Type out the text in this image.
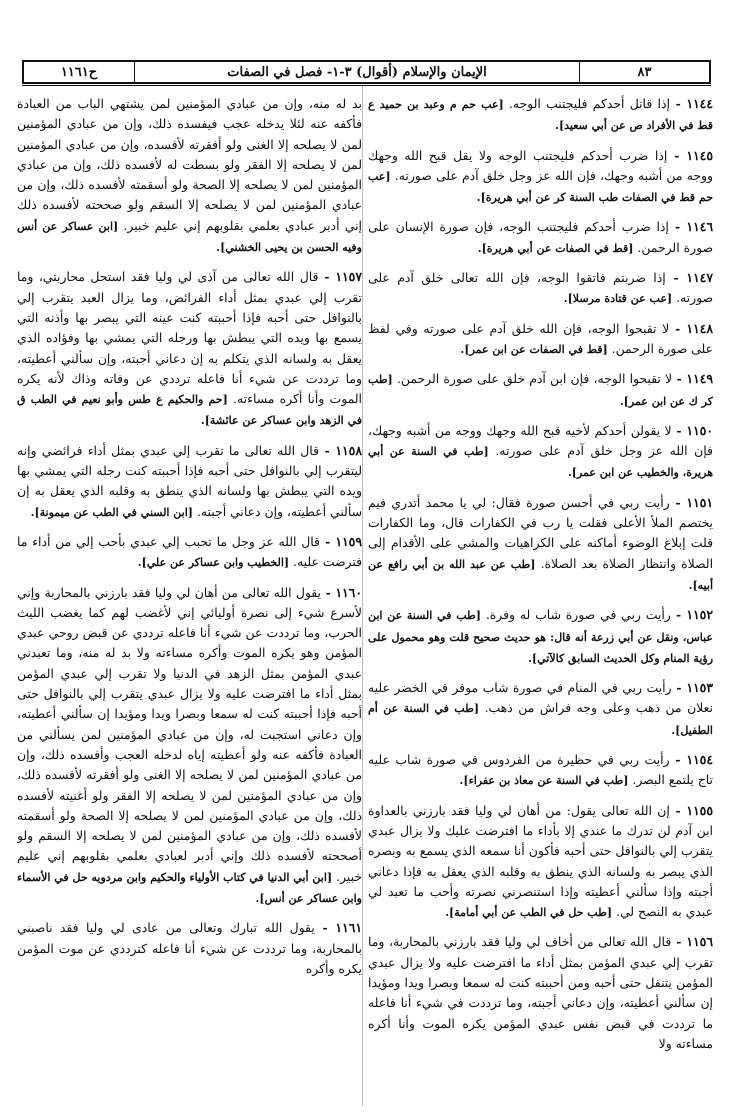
٨٣
الإيمان والإسلام (أقوال) ٣-١- فصل في الصفات
ح١١٦١

١١٤٤ - إذا قاتل أحدكم فليجتنب الوجه. [عب حم م وعبد بن حميد ع قط في الأفراد ص عن أبي سعيد].

١١٤٥ - إذا ضرب أحدكم فليجتنب الوجه ولا يقل قبح الله وجهك ووجه من أشبه وجهك، فإن الله عز وجل خلق آدم على صورته. [عب حم قط في الصفات طب السنة كر عن أبي هريرة].

١١٤٦ - إذا ضرب أحدكم فليجتنب الوجه، فإن صورة الإنسان على صورة الرحمن. [قط في الصفات عن أبي هريرة].

١١٤٧ - إذا ضربتم فاتقوا الوجه، فإن الله تعالى خلق آدم على صورته. [عب عن قتادة مرسلا].

١١٤٨ - لا تقبحوا الوجه، فإن الله خلق آدم على صورته وفي لفظ على صورة الرحمن. [قط في الصفات عن ابن عمر].

١١٤٩ - لا تقبحوا الوجه، فإن ابن آدم خلق على صورة الرحمن. [طب كر ك عن ابن عمر].

١١٥٠ - لا يقولن أحدكم لأخيه قبح الله وجهك ووجه من أشبه وجهك، فإن الله عز وجل خلق آدم على صورته. [طب في السنة عن أبي هريرة، والخطيب عن ابن عمر].

١١٥١ - رأيت ربي في أحسن صورة فقال: لي يا محمد أتدري فيم يختصم الملأ الأعلى فقلت يا رب في الكفارات قال، وما الكفارات قلت إبلاغ الوضوء أماكنه على الكراهيات والمشي على الأقدام إلى الصلاة وانتظار الصلاة بعد الصلاة. [طب عن عبد الله بن أبي رافع عن أبيه].

١١٥٢ - رأيت ربي في صورة شاب له وفرة. [طب في السنة عن ابن عباس، ونقل عن أبي زرعة أنه قال: هو حديث صحيح قلت وهو محمول على رؤية المنام وكل الحديث السابق كالآتي].

١١٥٣ - رأيت ربي في المنام في صورة شاب موفر في الخضر عليه نعلان من ذهب وعلى وجه فراش من ذهب. [طب في السنة عن أم الطفيل].

١١٥٤ - رأيت ربي في حظيرة من الفردوس في صورة شاب عليه تاج يلتمع البصر. [طب في السنة عن معاذ بن عفراء].

١١٥٥ - إن الله تعالى يقول: من أهان لي وليا فقد بارزني بالعداوة ابن آدم لن تدرك ما عندي إلا بأداء ما افترضت عليك ولا يزال عبدي يتقرب إلي بالنوافل حتى أحبه فأكون أنا سمعه الذي يسمع به وبصره الذي يبصر به ولسانه الذي ينطق به وقلبه الذي يعقل به فإذا دعاني أجبته وإذا سألني أعطيته وإذا استنصرني نصرته وأحب ما تعبد لي عبدي به النصح لي. [طب حل في الطب عن أبي أمامة].

١١٥٦ - قال الله تعالى من أخاف لي وليا فقد بارزني بالمحاربة، وما تقرب إلي عبدي المؤمن بمثل أداء ما افترضت عليه ولا يزال عبدي المؤمن يتنفل حتى أحبه ومن أحببته كنت له سمعا وبصرا ويدا ومؤيدا إن سألني أعطيته، وإن دعاني أجبته، وما ترددت في شيء أنا فاعله ما ترددت في قبض نفس عبدي المؤمن يكره الموت وأنا أكره مساءته ولا

بد له منه، وإن من عبادي المؤمنين لمن يشتهي الباب من العبادة فأكفه عنه لئلا يدخله عجب فيفسده ذلك، وإن من عبادي المؤمنين لمن لا يصلحه إلا الغنى ولو أفقرته لأفسده، وإن من عبادي المؤمنين لمن لا يصلحه إلا الفقر ولو بسطت له لأفسده ذلك، وإن من عبادي المؤمنين لمن لا يصلحه إلا الصحة ولو أسقمته لأفسده ذلك، وإن من عبادي المؤمنين لمن لا يصلحه إلا السقم ولو صححته لأفسده ذلك إني أدبر عبادي بعلمي بقلوبهم إني عليم خبير. [ابن عساكر عن أنس وفيه الحسن بن يحيى الخشني].

١١٥٧ - قال الله تعالى من آذى لي وليا فقد استحل محاربتي، وما تقرب إلي عبدي بمثل أداء الفرائض، وما يزال العبد يتقرب إلي بالنوافل حتى أحبه فإذا أحببته كنت عينه التي يبصر بها وأذنه التي يسمع بها ويده التي يبطش بها ورجله التي يمشي بها وفؤاده الذي يعقل به ولسانه الذي يتكلم به إن دعاني أجبته، وإن سألني أعطيته، وما ترددت عن شيء أنا فاعله ترددي عن وفاته وذاك لأنه يكره الموت وأنا أكره مساءته. [حم والحكيم ع طس وأبو نعيم في الطب ق في الزهد وابن عساكر عن عائشة].

١١٥٨ - قال الله تعالى ما تقرب إلي عبدي بمثل أداء فرائضي وإنه ليتقرب إلي بالنوافل حتى أحبه فإذا أحببته كنت رجله التي يمشي بها ويده التي يبطش بها ولسانه الذي ينطق به وقلبه الذي يعقل به إن سألني أعطيته، وإن دعاني أجبته. [ابن السني في الطب عن ميمونة].

١١٥٩ - قال الله عز وجل ما تحبب إلي عبدي بأحب إلي من أداء ما فترضت عليه. [الخطيب وابن عساكر عن علي].

١١٦٠ - يقول الله تعالى من أهان لي وليا فقد بارزني بالمحاربة وإني لأسرع شيء إلى نصرة أوليائي إني لأغضب لهم كما يغضب الليث الحرب، وما ترددت عن شيء أنا فاعله ترددي عن قبض روحي عبدي المؤمن وهو يكره الموت وأكره مساءته ولا بد له منه، وما تعبدني عبدي المؤمن بمثل الزهد في الدنيا ولا تقرب إلي عبدي المؤمن بمثل أداء ما افترضت عليه ولا يزال عبدي يتقرب إلي بالنوافل حتى أحبه فإذا أحببته كنت له سمعا وبصرا ويدا ومؤيدا إن سألني أعطيته، وإن دعاني استجبت له، وإن من عبادي المؤمنين لمن يسألني من العبادة فأكفه عنه ولو أعطيته إياه لدخله العجب وأفسده ذلك، وإن من عبادي المؤمنين لمن لا يصلحه إلا الغنى ولو أفقرته لأفسده ذلك، وإن من عبادي المؤمنين لمن لا يصلحه إلا الفقر ولو أغنيته لأفسده ذلك، وإن من عبادي المؤمنين لمن لا يصلحه إلا الصحة ولو أسقمته لأفسده ذلك، وإن من عبادي المؤمنين لمن لا يصلحه إلا السقم ولو أصححته لأفسده ذلك وإني أدبر لعبادي بعلمي بقلوبهم إني عليم خبير. [ابن أبي الدنيا في كتاب الأولياء والحكيم وابن مردويه حل في الأسماء وابن عساكر عن أنس].

١١٦١ - يقول الله تبارك وتعالى من عادى لي وليا فقد ناصبني بالمحاربة، وما ترددت عن شيء أنا فاعله كترددي عن موت المؤمن يكره وأكره
